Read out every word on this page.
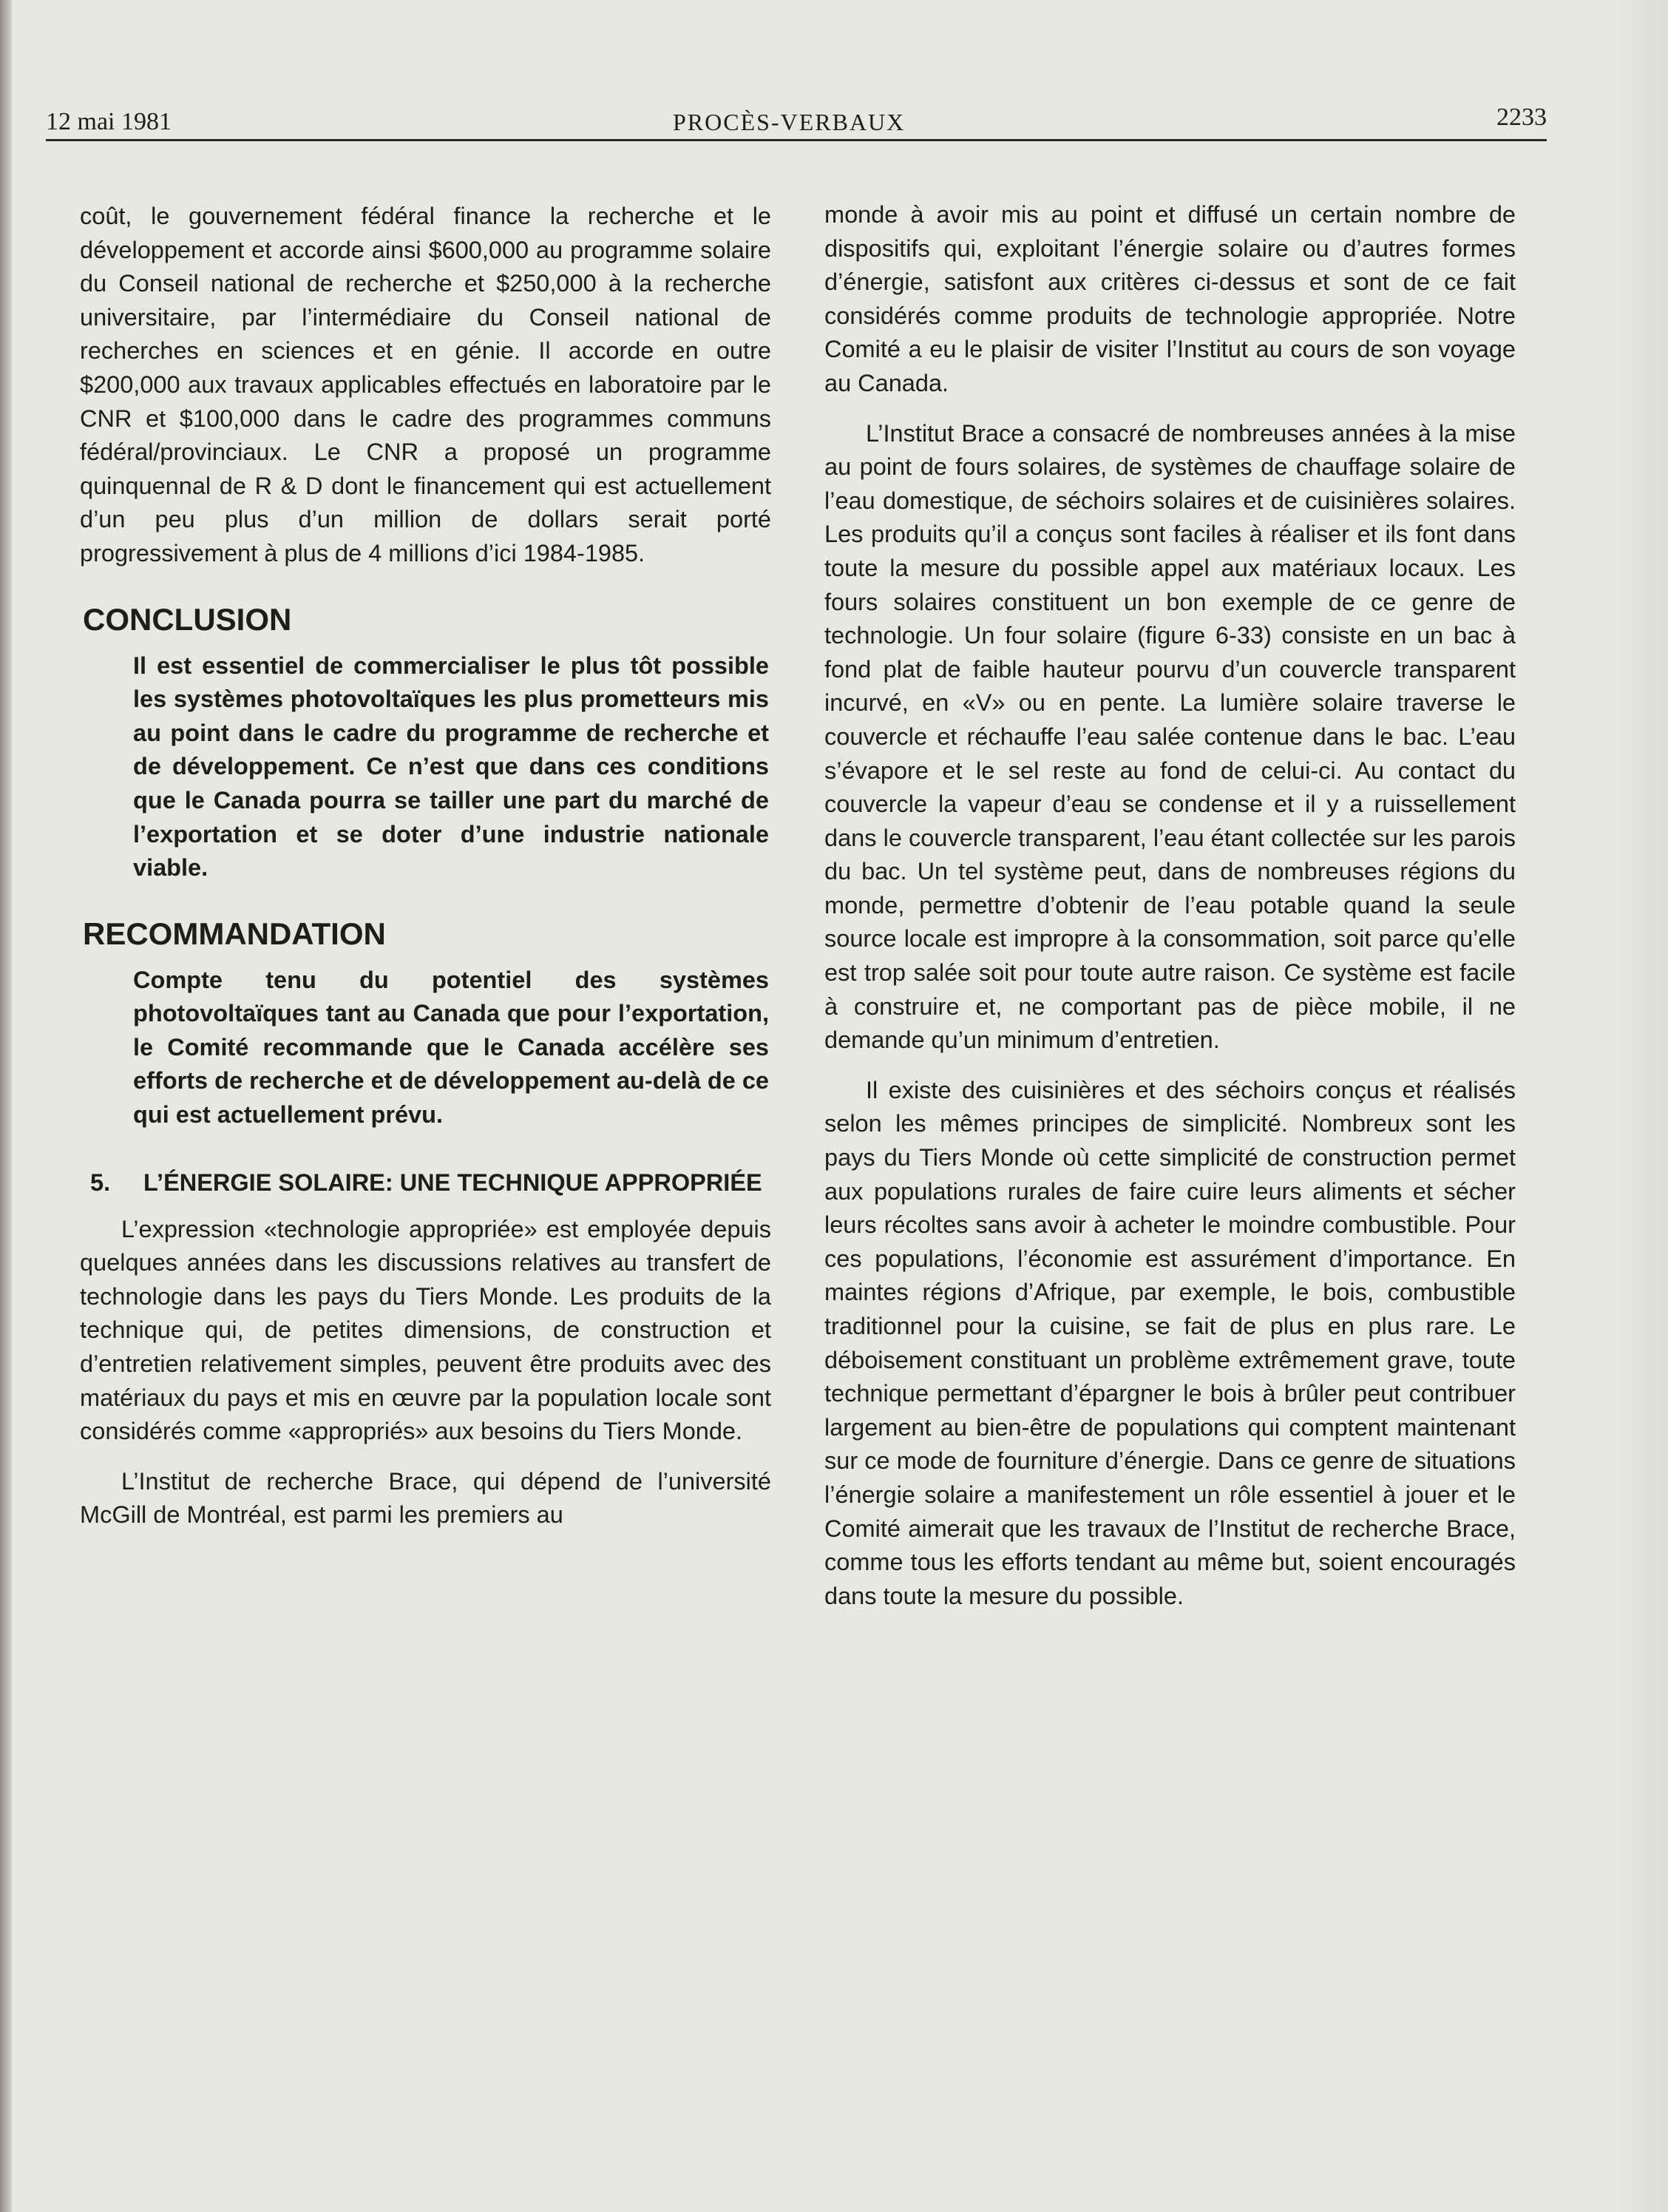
12 mai 1981	PROCÈS-VERBAUX	2233

coût, le gouvernement fédéral finance la recherche et le développement et accorde ainsi $600,000 au programme solaire du Conseil national de recherche et $250,000 à la recherche universitaire, par l’intermédiaire du Conseil national de recherches en sciences et en génie. Il accorde en outre $200,000 aux travaux applicables effectués en laboratoire par le CNR et $100,000 dans le cadre des programmes communs fédéral/provinciaux. Le CNR a proposé un programme quinquennal de R & D dont le financement qui est actuellement d’un peu plus d’un million de dollars serait porté progressivement à plus de 4 millions d’ici 1984-1985.

CONCLUSION

Il est essentiel de commercialiser le plus tôt possible les systèmes photovoltaïques les plus prometteurs mis au point dans le cadre du programme de recherche et de développement. Ce n’est que dans ces conditions que le Canada pourra se tailler une part du marché de l’exportation et se doter d’une industrie nationale viable.

RECOMMANDATION

Compte tenu du potentiel des systèmes photovoltaïques tant au Canada que pour l’exportation, le Comité recommande que le Canada accélère ses efforts de recherche et de développement au-delà de ce qui est actuellement prévu.

5.	L’ÉNERGIE SOLAIRE: UNE TECHNIQUE APPROPRIÉE

L’expression «technologie appropriée» est employée depuis quelques années dans les discussions relatives au transfert de technologie dans les pays du Tiers Monde. Les produits de la technique qui, de petites dimensions, de construction et d’entretien relativement simples, peuvent être produits avec des matériaux du pays et mis en œuvre par la population locale sont considérés comme «appropriés» aux besoins du Tiers Monde.

L’Institut de recherche Brace, qui dépend de l’université McGill de Montréal, est parmi les premiers au

monde à avoir mis au point et diffusé un certain nombre de dispositifs qui, exploitant l’énergie solaire ou d’autres formes d’énergie, satisfont aux critères ci-dessus et sont de ce fait considérés comme produits de technologie appropriée. Notre Comité a eu le plaisir de visiter l’Institut au cours de son voyage au Canada.

L’Institut Brace a consacré de nombreuses années à la mise au point de fours solaires, de systèmes de chauffage solaire de l’eau domestique, de séchoirs solaires et de cuisinières solaires. Les produits qu’il a conçus sont faciles à réaliser et ils font dans toute la mesure du possible appel aux matériaux locaux. Les fours solaires constituent un bon exemple de ce genre de technologie. Un four solaire (figure 6-33) consiste en un bac à fond plat de faible hauteur pourvu d’un couvercle transparent incurvé, en «V» ou en pente. La lumière solaire traverse le couvercle et réchauffe l’eau salée contenue dans le bac. L’eau s’évapore et le sel reste au fond de celui-ci. Au contact du couvercle la vapeur d’eau se condense et il y a ruissellement dans le couvercle transparent, l’eau étant collectée sur les parois du bac. Un tel système peut, dans de nombreuses régions du monde, permettre d’obtenir de l’eau potable quand la seule source locale est impropre à la consommation, soit parce qu’elle est trop salée soit pour toute autre raison. Ce système est facile à construire et, ne comportant pas de pièce mobile, il ne demande qu’un minimum d’entretien.

Il existe des cuisinières et des séchoirs conçus et réalisés selon les mêmes principes de simplicité. Nombreux sont les pays du Tiers Monde où cette simplicité de construction permet aux populations rurales de faire cuire leurs aliments et sécher leurs récoltes sans avoir à acheter le moindre combustible. Pour ces populations, l’économie est assurément d’importance. En maintes régions d’Afrique, par exemple, le bois, combustible traditionnel pour la cuisine, se fait de plus en plus rare. Le déboisement constituant un problème extrêmement grave, toute technique permettant d’épargner le bois à brûler peut contribuer largement au bien-être de populations qui comptent maintenant sur ce mode de fourniture d’énergie. Dans ce genre de situations l’énergie solaire a manifestement un rôle essentiel à jouer et le Comité aimerait que les travaux de l’Institut de recherche Brace, comme tous les efforts tendant au même but, soient encouragés dans toute la mesure du possible.
